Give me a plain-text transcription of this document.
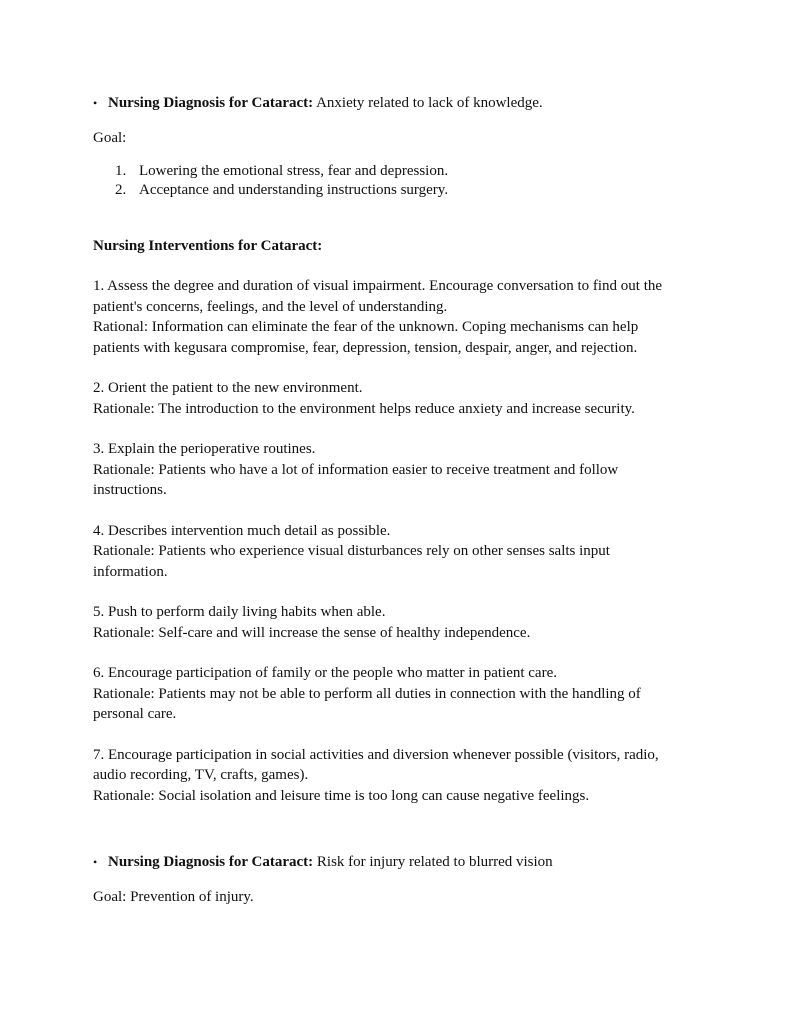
• Nursing Diagnosis for Cataract: Anxiety related to lack of knowledge.
Goal:
1. Lowering the emotional stress, fear and depression.
2. Acceptance and understanding instructions surgery.
Nursing Interventions for Cataract:
1. Assess the degree and duration of visual impairment. Encourage conversation to find out the
patient's concerns, feelings, and the level of understanding.
Rational: Information can eliminate the fear of the unknown. Coping mechanisms can help
patients with kegusara compromise, fear, depression, tension, despair, anger, and rejection.
2. Orient the patient to the new environment.
Rationale: The introduction to the environment helps reduce anxiety and increase security.
3. Explain the perioperative routines.
Rationale: Patients who have a lot of information easier to receive treatment and follow
instructions.
4. Describes intervention much detail as possible.
Rationale: Patients who experience visual disturbances rely on other senses salts input
information.
5. Push to perform daily living habits when able.
Rationale: Self-care and will increase the sense of healthy independence.
6. Encourage participation of family or the people who matter in patient care.
Rationale: Patients may not be able to perform all duties in connection with the handling of
personal care.
7. Encourage participation in social activities and diversion whenever possible (visitors, radio,
audio recording, TV, crafts, games).
Rationale: Social isolation and leisure time is too long can cause negative feelings.
• Nursing Diagnosis for Cataract: Risk for injury related to blurred vision
Goal: Prevention of injury.
